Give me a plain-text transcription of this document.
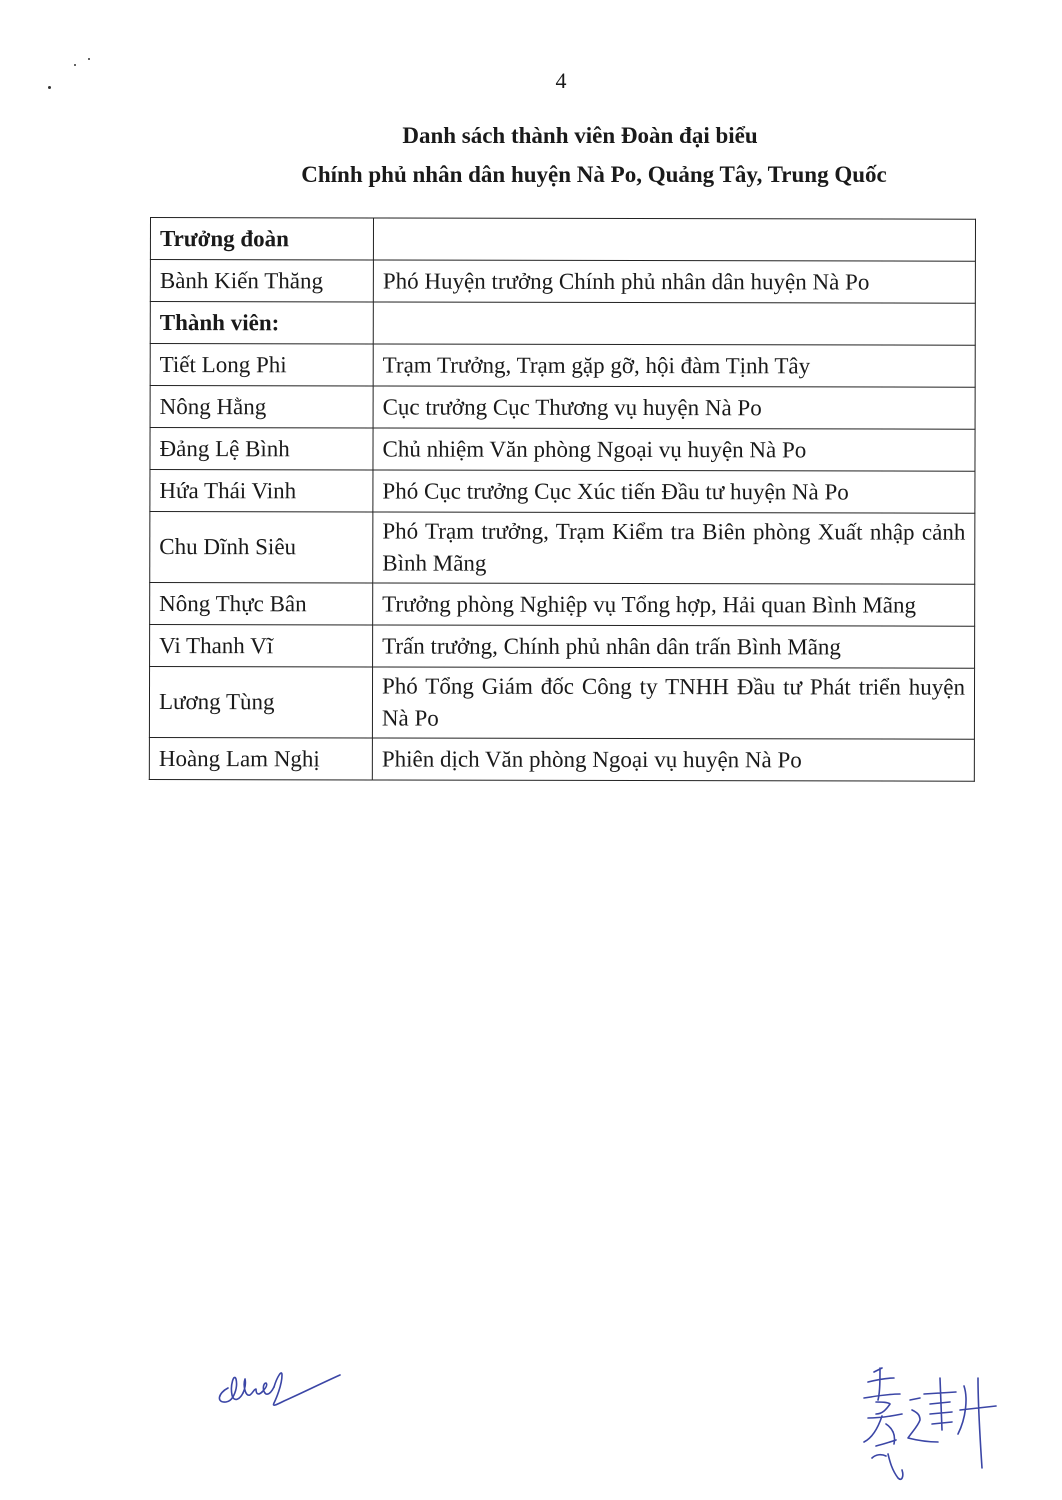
4
Danh sách thành viên Đoàn đại biểu
Chính phủ nhân dân huyện Nà Po, Quảng Tây, Trung Quốc
Trưởng đoàn	
Bành Kiến Thăng	Phó Huyện trưởng Chính phủ nhân dân huyện Nà Po
Thành viên:	
Tiết Long Phi	Trạm Trưởng, Trạm gặp gỡ, hội đàm Tịnh Tây
Nông Hằng	Cục trưởng Cục Thương vụ huyện Nà Po
Đảng Lệ Bình	Chủ nhiệm Văn phòng Ngoại vụ huyện Nà Po
Hứa Thái Vinh	Phó Cục trưởng Cục Xúc tiến Đầu tư huyện Nà Po
Chu Dĩnh Siêu	Phó Trạm trưởng, Trạm Kiểm tra Biên phòng Xuất nhập cảnh Bình Mãng
Nông Thực Bân	Trưởng phòng Nghiệp vụ Tổng hợp, Hải quan Bình Mãng
Vi Thanh Vĩ	Trấn trưởng, Chính phủ nhân dân trấn Bình Mãng
Lương Tùng	Phó Tổng Giám đốc Công ty TNHH Đầu tư Phát triển huyện Nà Po
Hoàng Lam Nghị	Phiên dịch Văn phòng Ngoại vụ huyện Nà Po
